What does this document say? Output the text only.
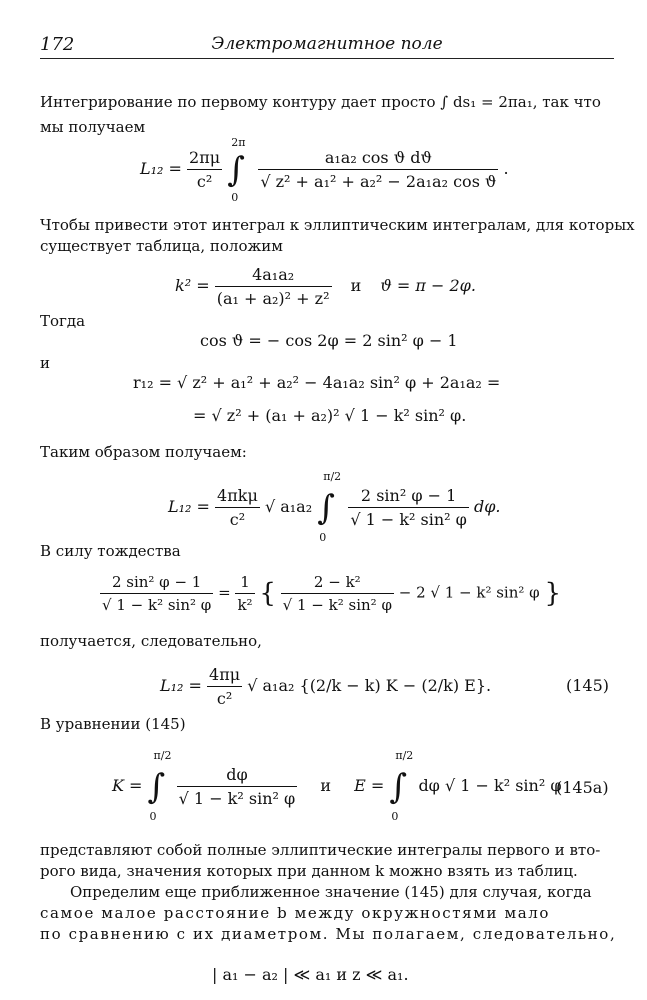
172	Электромагнитное поле
Интегрирование по первому контуру дает просто ∫ ds₁ = 2πa₁, так что
мы получаем
$L_{12} = \frac{2\pi\mu}{\text{c²}}$ ∫
2π
0

$\frac{\text{a₁a₂ cos ϑ dϑ}}{\text{√ z² + a₁² + a₂² − 2a₁a₂ cos ϑ}}$ .
Чтобы привести этот интеграл к эллиптическим интегралам, для которых
существует таблица, положим
$k^2 = \frac{\text{4a₁a₂}}{\text{(a₁ + a₂)² + z²}}$ и ϑ = π − 2φ.
Тогда
cos ϑ = − cos 2φ = 2 sin² φ − 1
и
r₁₂ = √ z² + a₁² + a₂² − 4a₁a₂ sin² φ + 2a₁a₂ =
= √ z² + (a₁ + a₂)² √ 1 − k² sin² φ.
Таким образом получаем:
$L_{12} = \frac{\text{4πkμ}}{\text{c²}}$ √ a₁a₂ ∫
π/2
0

$\frac{\text{2 sin² φ − 1}}{\text{√ 1 − k² sin² φ}} d\varphi$.
В силу тождества
$\frac{\text{2 sin² φ − 1}}{\text{√ 1 − k² sin² φ}} = \frac{1}{\text{k²}}$ { $\frac{\text{2 − k²}}{\text{√ 1 − k² sin² φ}} - 2$ √ 1 − k² sin² φ }
получается, следовательно,
$L_{12} = \frac{4\pi\mu}{\text{c²}}$ √ a₁a₂ {(2/k − k) K − (2/k) E}.	(145)
В уравнении (145)
K = ∫
π/2
0

$\frac{d\varphi}{\text{√ 1 − k² sin² φ}}$ и E = ∫
π/2
0
dφ √ 1 − k² sin² φ
(145a)
представляют собой полные эллиптические интегралы первого и вто-
рого вида, значения которых при данном k можно взять из таблиц.
Определим еще приближенное значение (145) для случая, когда
самое малое расстояние b между окружностями мало
по сравнению с их диаметром. Мы полагаем, следовательно,
| a₁ − a₂ | ≪ a₁ и z ≪ a₁.
